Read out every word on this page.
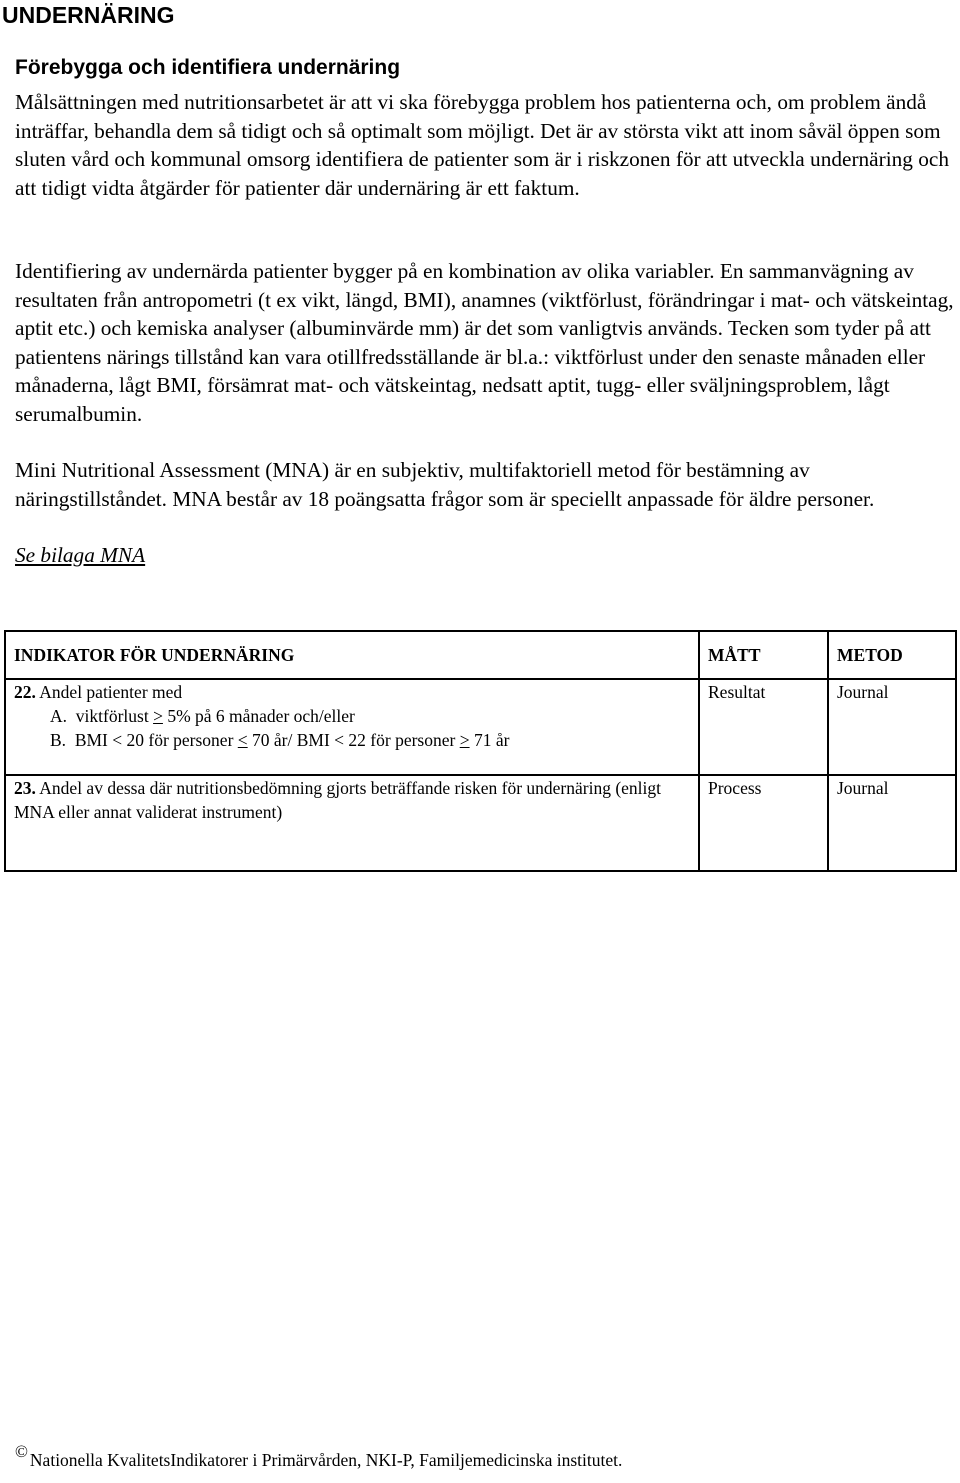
UNDERNÄRING
Förebygga och identifiera undernäring

Målsättningen med nutritionsarbetet är att vi ska förebygga problem hos patienterna och, om problem ändå inträffar, behandla dem så tidigt och så optimalt som möjligt. Det är av största vikt att inom såväl öppen som sluten vård och kommunal omsorg identifiera de patienter som är i riskzonen för att utveckla undernäring och att tidigt vidta åtgärder för patienter där undernäring är ett faktum.

Identifiering av undernärda patienter bygger på en kombination av olika variabler. En sammanvägning av resultaten från antropometri (t ex vikt, längd, BMI), anamnes (viktförlust, förändringar i mat- och vätskeintag, aptit etc.) och kemiska analyser (albuminvärde mm) är det som vanligtvis används. Tecken som tyder på att patientens närings tillstånd kan vara otillfredsställande är bl.a.: viktförlust under den senaste månaden eller månaderna, lågt BMI, försämrat mat- och vätskeintag, nedsatt aptit, tugg- eller sväljningsproblem, lågt serumalbumin.

Mini Nutritional Assessment (MNA) är en subjektiv, multifaktoriell metod för bestämning av näringstillståndet. MNA består av 18 poängsatta frågor som är speciellt anpassade för äldre personer.

Se bilaga MNA
INDIKATOR FÖR UNDERNÄRING	MÅTT	METOD

22. Andel patienter med
A. viktförlust > 5% på 6 månader och/eller
B. BMI < 20 för personer < 70 år/ BMI < 22 för personer > 71 år	Resultat	Journal
23. Andel av dessa där nutritionsbedömning gjorts beträffande risken för undernäring (enligt MNA eller annat validerat instrument)	Process	Journal
© Nationella KvalitetsIndikatorer i Primärvården, NKI-P, Familjemedicinska institutet.
